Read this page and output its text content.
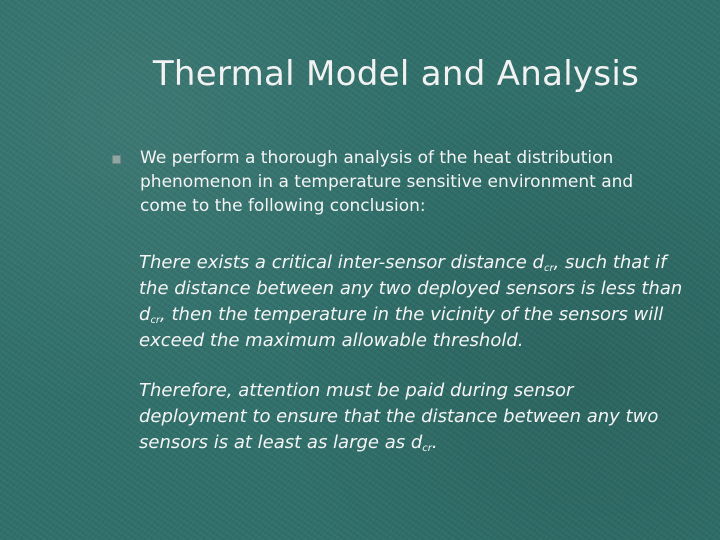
Thermal Model and Analysis
We perform a thorough analysis of the heat distribution phenomenon in a temperature sensitive environment and come to the following conclusion:
There exists a critical inter-sensor distance $d_{cr}$, such that if the distance between any two deployed sensors is less than $d_{cr}$, then the temperature in the vicinity of the sensors will exceed the maximum allowable threshold.
Therefore, attention must be paid during sensor deployment to ensure that the distance between any two sensors is at least as large as $d_{cr}$.
